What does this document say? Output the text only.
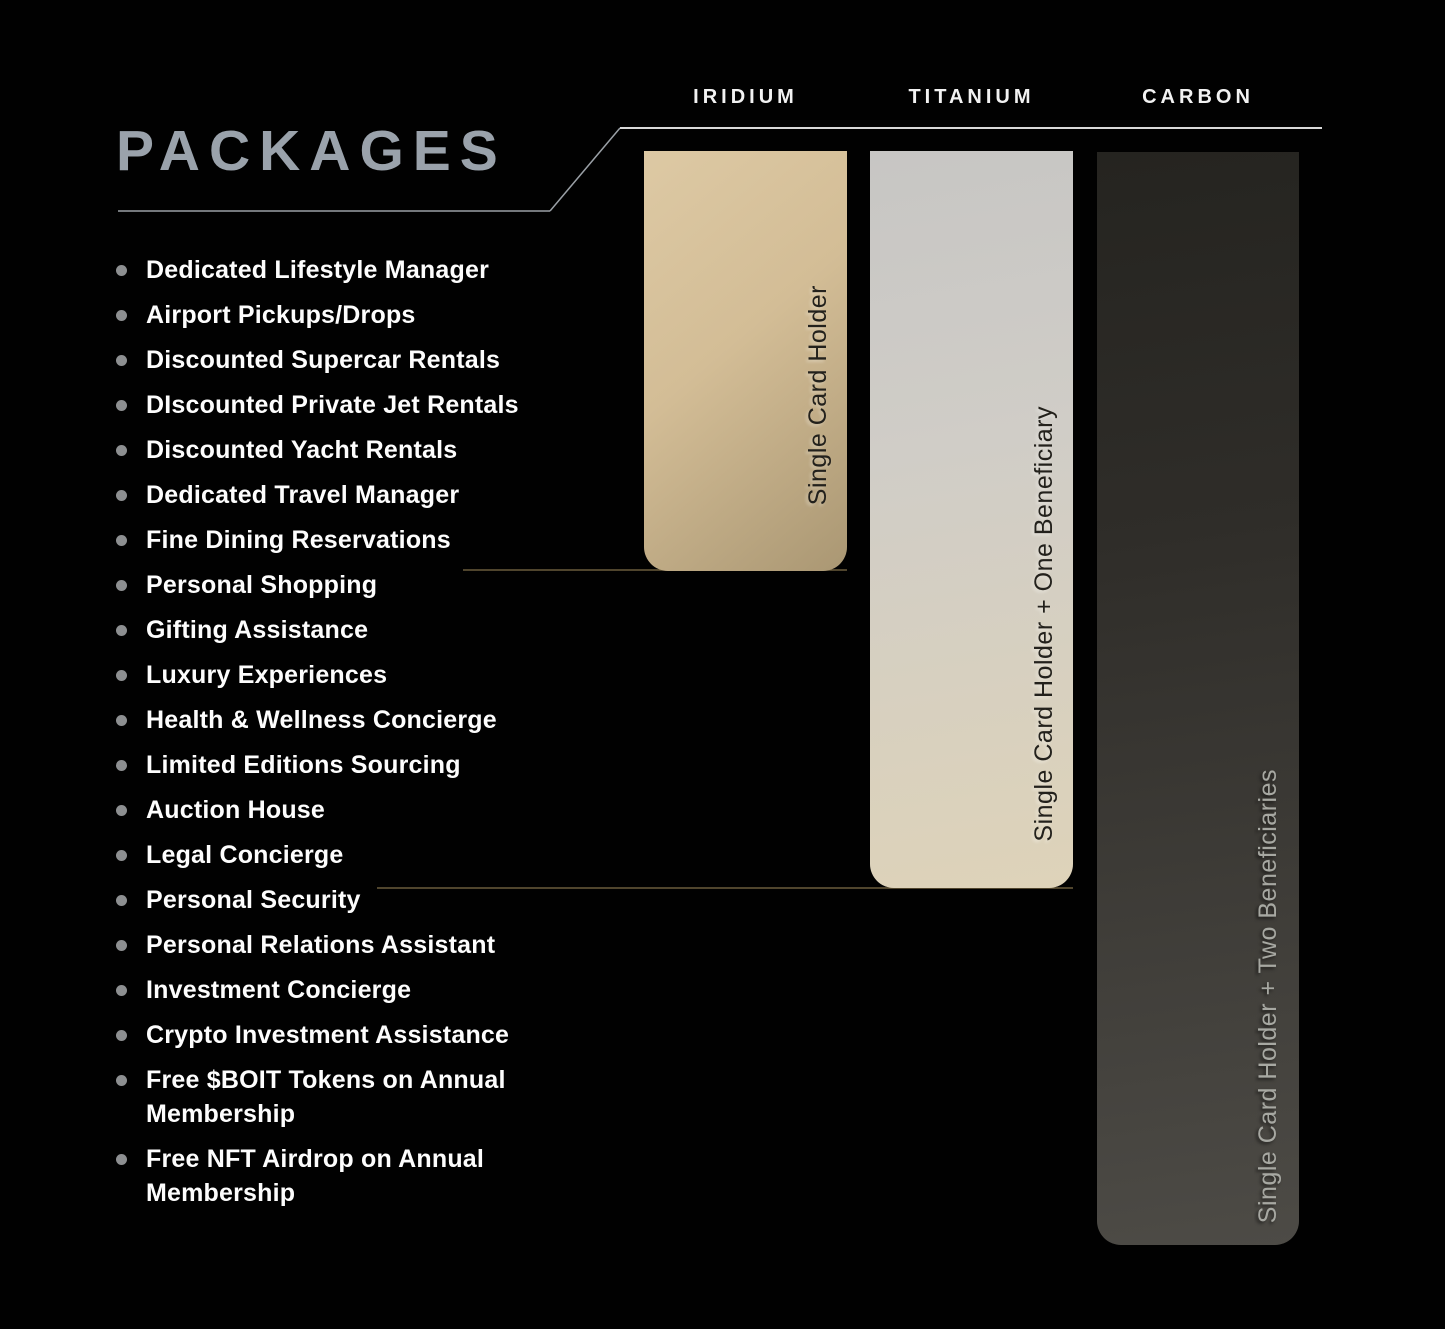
PACKAGES
IRIDIUM	TITANIUM	CARBON
Single Card Holder
Single Card Holder + One Beneficiary
Single Card Holder + Two Beneficiaries
Dedicated Lifestyle Manager
Airport Pickups/Drops
Discounted Supercar Rentals
DIscounted Private Jet Rentals
Discounted Yacht Rentals
Dedicated Travel Manager
Fine Dining Reservations
Personal Shopping
Gifting Assistance
Luxury Experiences
Health & Wellness Concierge
Limited Editions Sourcing
Auction House
Legal Concierge
Personal Security
Personal Relations Assistant
Investment Concierge
Crypto Investment Assistance
Free $BOIT Tokens on Annual Membership
Free NFT Airdrop on Annual Membership
